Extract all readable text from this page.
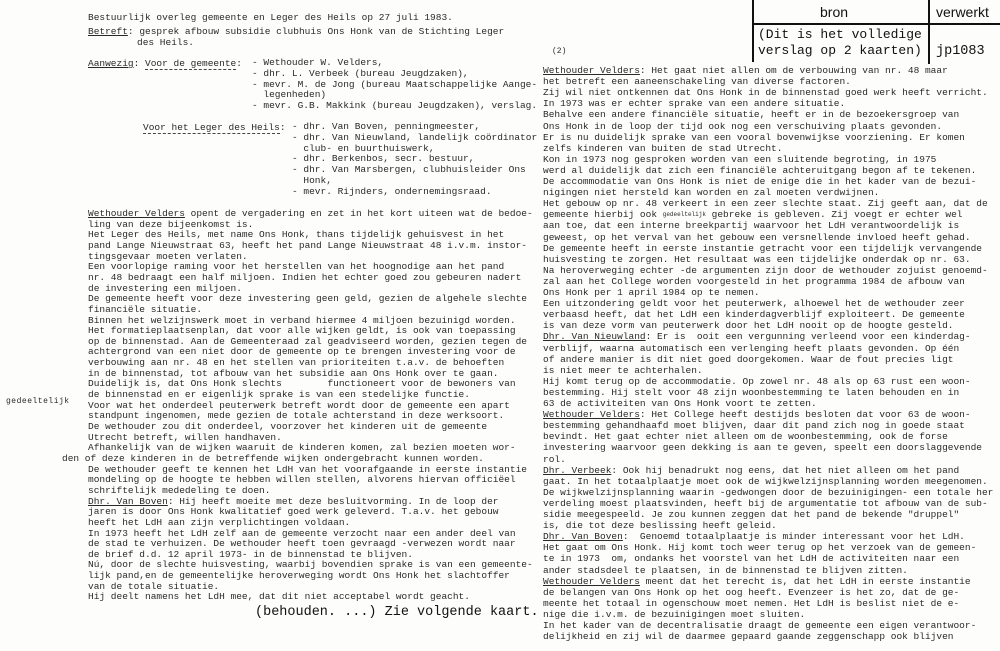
Bestuurlijk overleg gemeente en Leger des Heils op 27 juli 1983.
Betreft: gesprek afbouw subsidie clubhuis Ons Honk van de Stichting Leger
des Heils.
Aanwezig: Voor de gemeente: - Wethouder W. Velders,
- dhr. L. Verbeek (bureau Jeugdzaken),
- mevr. M. de Jong (bureau Maatschappelijke Aange-
legenheden)
- mevr. G.B. Makkink (bureau Jeugdzaken), verslag.
Voor het Leger des Heils: - dhr. Van Boven, penningmeester,
- dhr. Van Nieuwland, landelijk coördinator
club- en buurthuiswerk,
- dhr. Berkenbos, secr. bestuur,
- dhr. Van Marsbergen, clubhuisleider Ons
Honk,
- mevr. Rijnders, ondernemingsraad.
gedeeltelijk
Wethouder Velders opent de vergadering en zet in het kort uiteen wat de bedoe-
ling van deze bijeenkomst is.
Het Leger des Heils, met name Ons Honk, thans tijdelijk gehuisvest in het
pand Lange Nieuwstraat 63, heeft het pand Lange Nieuwstraat 48 i.v.m. instor-
tingsgevaar moeten verlaten.
Een voorlopige raming voor het herstellen van het hoognodige aan het pand
nr. 48 bedraagt een half miljoen. Indien het echter goed zou gebeuren nadert
de investering een miljoen.
De gemeente heeft voor deze investering geen geld, gezien de algehele slechte
financiële situatie.
Binnen het welzijnswerk moet in verband hiermee 4 miljoen bezuinigd worden.
Het formatieplaatsenplan, dat voor alle wijken geldt, is ook van toepassing
op de binnenstad. Aan de Gemeenteraad zal geadviseerd worden, gezien tegen de
achtergrond van een niet door de gemeente op te brengen investering voor de
verbouwing aan nr. 48 en het stellen van prioriteiten t.a.v. de behoeften
in de binnenstad, tot afbouw van het subsidie aan Ons Honk over te gaan.
Duidelijk is, dat Ons Honk slechts        functioneert voor de bewoners van
de binnenstad en er eigenlijk sprake is van een stedelijke functie.
Voor wat het onderdeel peuterwerk betreft wordt door de gemeente een apart
standpunt ingenomen, mede gezien de totale achterstand in deze werksoort.
De wethouder zou dit onderdeel, voorzover het kinderen uit de gemeente
Utrecht betreft, willen handhaven.
Afhankelijk van de wijken waaruit de kinderen komen, zal bezien moeten wor-
den of deze kinderen in de betreffende wijken ondergebracht kunnen worden.
De wethouder geeft te kennen het LdH van het voorafgaande in eerste instantie
mondeling op de hoogte te hebben willen stellen, alvorens hiervan officiëel
schriftelijk mededeling te doen.
Dhr. Van Boven: Hij heeft moeite met deze besluitvorming. In de loop der
jaren is door Ons Honk kwalitatief goed werk geleverd. T.a.v. het gebouw
heeft het LdH aan zijn verplichtingen voldaan.
In 1973 heeft het LdH zelf aan de gemeente verzocht naar een ander deel van
de stad te verhuizen. De wethouder heeft toen gevraagd -verwezen wordt naar
de brief d.d. 12 april 1973- in de binnenstad te blijven.
Nú, door de slechte huisvesting, waarbij bovendien sprake is van een gemeente-
lijk pand,en de gemeentelijke heroverweging wordt Ons Honk het slachtoffer
van de totale situatie.
Hij deelt namens het LdH mee, dat dit niet acceptabel wordt geacht.
(behouden. ...) Zie volgende kaart.
bron	verwerkt
(Dit is het volledige
verslag op 2 kaarten) jp1083
(2)
Wethouder Velders: Het gaat niet allen om de verbouwing van nr. 48 maar
het betreft een aaneenschakeling van diverse factoren.
Zij wil niet ontkennen dat Ons Honk in de binnenstad goed werk heeft verricht.
In 1973 was er echter sprake van een andere situatie.
Behalve een andere financiële situatie, heeft er in de bezoekersgroep van
Ons Honk in de loop der tijd ook nog een verschuiving plaats gevonden.
Er is nu duidelijk sprake van een vooral bovenwijkse voorziening. Er komen
zelfs kinderen van buiten de stad Utrecht.
Kon in 1973 nog gesproken worden van een sluitende begroting, in 1975
werd al duidelijk dat zich een financiële achteruitgang begon af te tekenen.
De accommodatie van Ons Honk is niet de enige die in het kader van de bezui-
nigingen niet hersteld kan worden en zal moeten verdwijnen.
Het gebouw op nr. 48 verkeert in een zeer slechte staat. Zij geeft aan, dat de
gemeente hierbij ook gedeeltelijk gebreke is gebleven. Zij voegt er echter wel
aan toe, dat een interne breekpartij waarvoor het LdH verantwoordelijk is
geweest, op het verval van het gebouw een versnellende invloed heeft gehad.
De gemeente heeft in eerste instantie getracht voor een tijdelijk vervangende
huisvesting te zorgen. Het resultaat was een tijdelijke onderdak op nr. 63.
Na heroverweging echter -de argumenten zijn door de wethouder zojuist genoemd-
zal aan het College worden voorgesteld in het programma 1984 de afbouw van
Ons Honk per 1 april 1984 op te nemen.
Een uitzondering geldt voor het peuterwerk, alhoewel het de wethouder zeer
verbaasd heeft, dat het LdH een kinderdagverblijf exploiteert. De gemeente
is van deze vorm van peuterwerk door het LdH nooit op de hoogte gesteld.
Dhr. Van Nieuwland: Er is  ooit een vergunning verleend voor een kinderdag-
verblijf, waarna automatisch een verlenging heeft plaats gevonden. Op één
of andere manier is dit niet goed doorgekomen. Waar de fout precies ligt
is niet meer te achterhalen.
Hij komt terug op de accommodatie. Op zowel nr. 48 als op 63 rust een woon-
bestemming. Hij stelt voor 48 zijn woonbestemming te laten behouden en in
63 de activiteiten van Ons Honk voort te zetten.
Wethouder Velders: Het College heeft destijds besloten dat voor 63 de woon-
bestemming gehandhaafd moet blijven, daar dit pand zich nog in goede staat
bevindt. Het gaat echter niet alleen om de woonbestemming, ook de forse
investering waarvoor geen dekking is aan te geven, speelt een doorslaggevende
rol.
Dhr. Verbeek: Ook hij benadrukt nog eens, dat het niet alleen om het pand
gaat. In het totaalplaatje moet ook de wijkwelzijnsplanning worden meegenomen.
De wijkwelzijnsplanning waarin -gedwongen door de bezuinigingen- een totale her
verdeling moest plaatsvinden, heeft bij de argumentatie tot afbouw van de sub-
sidie meegespeeld. Je zou kunnen zeggen dat het pand de bekende "druppel"
is, die tot deze beslissing heeft geleid.
Dhr. Van Boven:  Genoemd totaalplaatje is minder interessant voor het LdH.
Het gaat om Ons Honk. Hij komt toch weer terug op het verzoek van de gemeen-
te in 1973  om, ondanks het voorstel van het LdH de activiteiten naar een
ander stadsdeel te plaatsen, in de binnenstad te blijven zitten.
Wethouder Velders meent dat het terecht is, dat het LdH in eerste instantie
de belangen van Ons Honk op het oog heeft. Evenzeer is het zo, dat de ge-
meente het totaal in ogenschouw moet nemen. Het LdH is beslist niet de e-
nige die i.v.m. de bezuinigingen moet sluiten.
In het kader van de decentralisatie draagt de gemeente een eigen verantwoor-
delijkheid en zij wil de daarmee gepaard gaande zeggenschapp ook blijven
